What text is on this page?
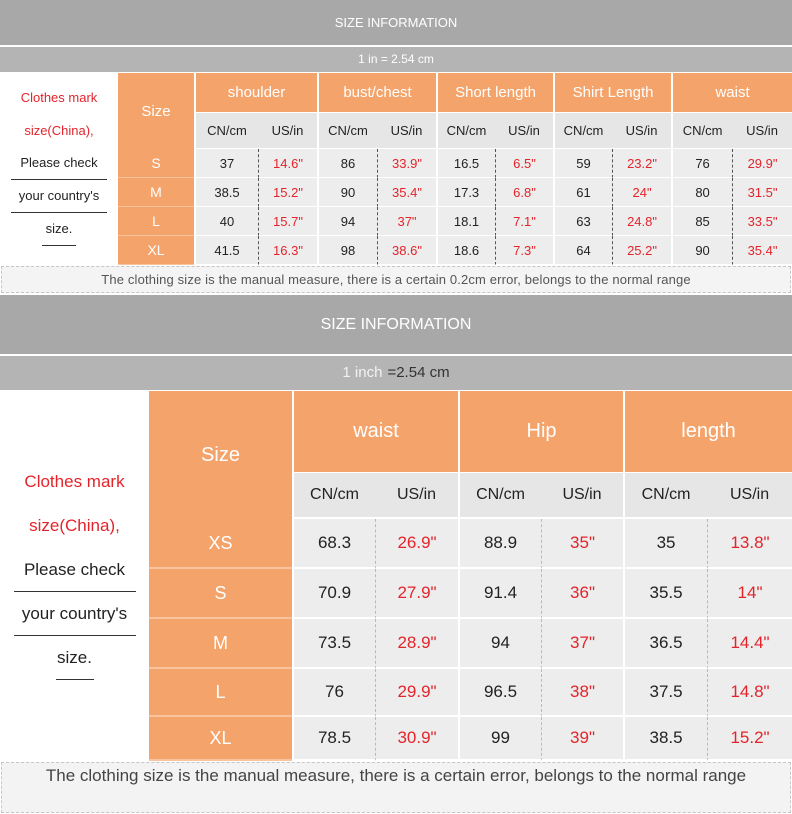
SIZE INFORMATION
1 in = 2.54 cm
Clothes mark
size(China),
Please check
your country's
size.	Size	shoulder		bust/chest		Short length		Shirt Length		waist	
		CN/cm	US/in	CN/cm	US/in	CN/cm	US/in	CN/cm	US/in	CN/cm	US/in
	S	37	14.6"	86	33.9"	16.5	6.5"	59	23.2"	76	29.9"
	M	38.5	15.2"	90	35.4"	17.3	6.8"	61	24"	80	31.5"
	L	40	15.7"	94	37"	18.1	7.1"	63	24.8"	85	33.5"
	XL	41.5	16.3"	98	38.6"	18.6	7.3"	64	25.2"	90	35.4"
The clothing size is the manual measure, there is a certain 0.2cm error, belongs to the normal range
SIZE INFORMATION
1 inch =2.54 cm
Clothes mark
size(China),
Please check
your country's
size.	Size	waist		Hip		length	
		CN/cm	US/in	CN/cm	US/in	CN/cm	US/in
	XS	68.3	26.9"	88.9	35"	35	13.8"
	S	70.9	27.9"	91.4	36"	35.5	14"
	M	73.5	28.9"	94	37"	36.5	14.4"
	L	76	29.9"	96.5	38"	37.5	14.8"
	XL	78.5	30.9"	99	39"	38.5	15.2"
The clothing size is the manual measure, there is a certain error, belongs to the normal range
